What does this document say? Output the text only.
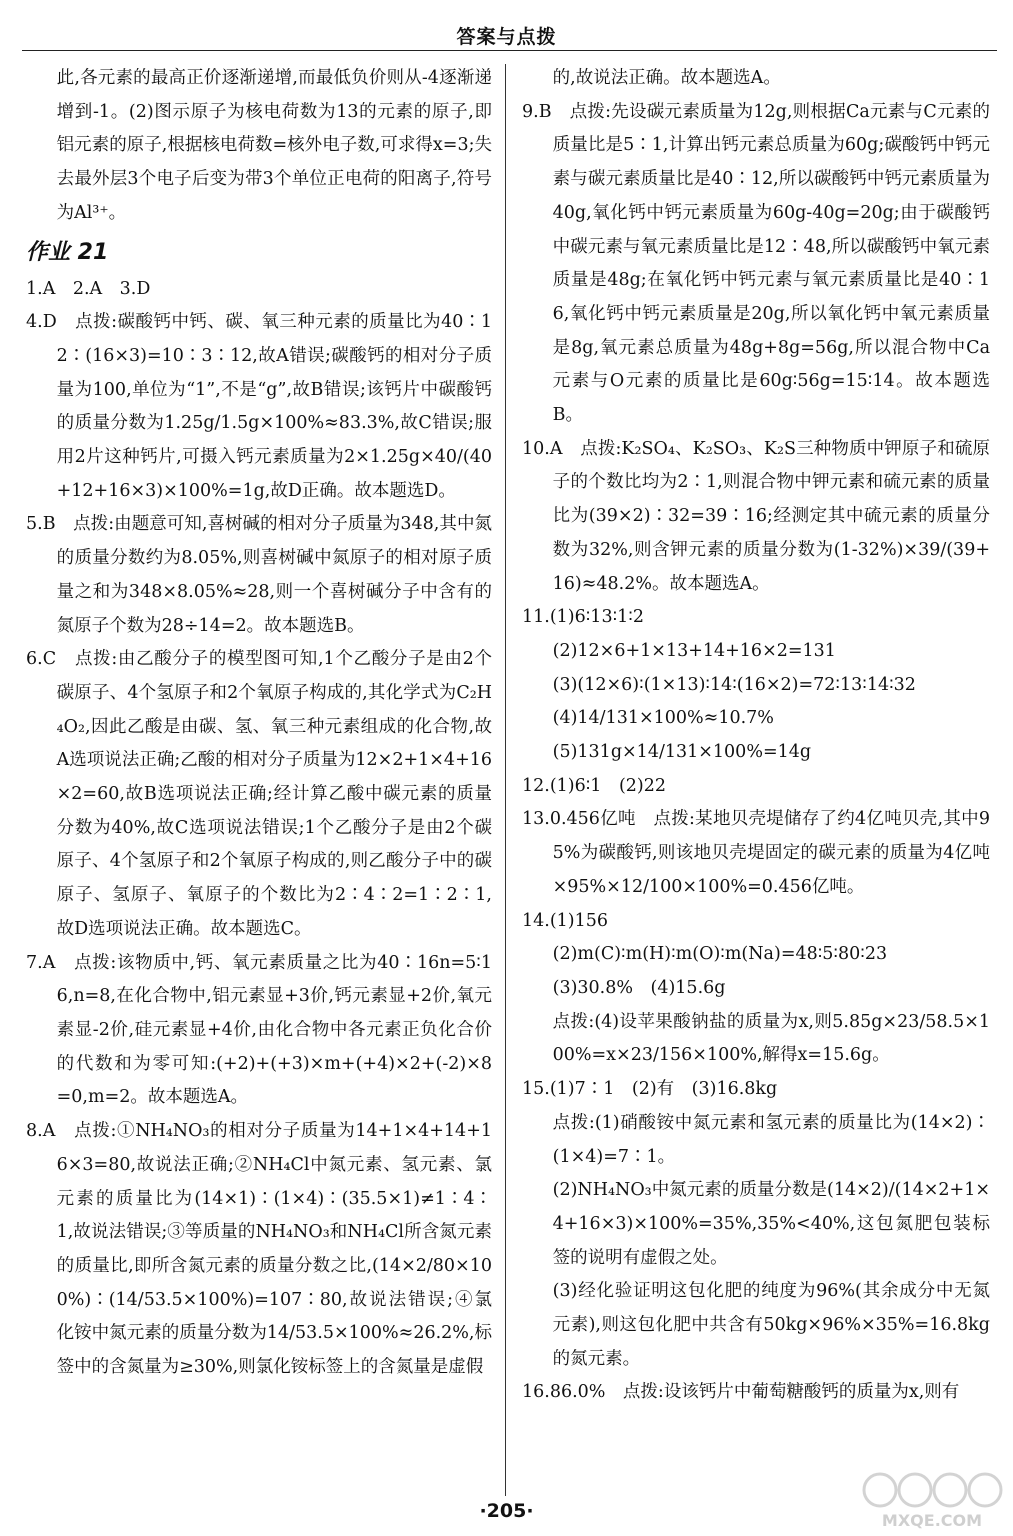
答案与点拨

此,各元素的最高正价逐渐递增,而最低负价则从-4逐渐递增到-1。(2)图示原子为核电荷数为13的元素的原子,即铝元素的原子,根据核电荷数=核外电子数,可求得x=3;失去最外层3个电子后变为带3个单位正电荷的阳离子,符号为Al³⁺。

作业 21

1.A　2.A　3.D

4.D　点拨:碳酸钙中钙、碳、氧三种元素的质量比为40∶12∶(16×3)=10∶3∶12,故A错误;碳酸钙的相对分子质量为100,单位为“1”,不是“g”,故B错误;该钙片中碳酸钙的质量分数为1.25g/1.5g×100%≈83.3%,故C错误;服用2片这种钙片,可摄入钙元素质量为2×1.25g×40/(40+12+16×3)×100%=1g,故D正确。故本题选D。

5.B　点拨:由题意可知,喜树碱的相对分子质量为348,其中氮的质量分数约为8.05%,则喜树碱中氮原子的相对原子质量之和为348×8.05%≈28,则一个喜树碱分子中含有的氮原子个数为28÷14=2。故本题选B。

6.C　点拨:由乙酸分子的模型图可知,1个乙酸分子是由2个碳原子、4个氢原子和2个氧原子构成的,其化学式为C₂H₄O₂,因此乙酸是由碳、氢、氧三种元素组成的化合物,故A选项说法正确;乙酸的相对分子质量为12×2+1×4+16×2=60,故B选项说法正确;经计算乙酸中碳元素的质量分数为40%,故C选项说法错误;1个乙酸分子是由2个碳原子、4个氢原子和2个氧原子构成的,则乙酸分子中的碳原子、氢原子、氧原子的个数比为2∶4∶2=1∶2∶1,故D选项说法正确。故本题选C。

7.A　点拨:该物质中,钙、氧元素质量之比为40∶16n=5∶16,n=8,在化合物中,铝元素显+3价,钙元素显+2价,氧元素显-2价,硅元素显+4价,由化合物中各元素正负化合价的代数和为零可知:(+2)+(+3)×m+(+4)×2+(-2)×8=0,m=2。故本题选A。

8.A　点拨:①NH₄NO₃的相对分子质量为14+1×4+14+16×3=80,故说法正确;②NH₄Cl中氮元素、氢元素、氯元素的质量比为(14×1)∶(1×4)∶(35.5×1)≠1∶4∶1,故说法错误;③等质量的NH₄NO₃和NH₄Cl所含氮元素的质量比,即所含氮元素的质量分数之比,(14×2/80×100%)∶(14/53.5×100%)=107∶80,故说法错误;④氯化铵中氮元素的质量分数为14/53.5×100%≈26.2%,标签中的含氮量为≥30%,则氯化铵标签上的含氮量是虚假

的,故说法正确。故本题选A。

9.B　点拨:先设碳元素质量为12g,则根据Ca元素与C元素的质量比是5∶1,计算出钙元素总质量为60g;碳酸钙中钙元素与碳元素质量比是40∶12,所以碳酸钙中钙元素质量为40g,氧化钙中钙元素质量为60g-40g=20g;由于碳酸钙中碳元素与氧元素质量比是12∶48,所以碳酸钙中氧元素质量是48g;在氧化钙中钙元素与氧元素质量比是40∶16,氧化钙中钙元素质量是20g,所以氧化钙中氧元素质量是8g,氧元素总质量为48g+8g=56g,所以混合物中Ca元素与O元素的质量比是60g∶56g=15∶14。故本题选B。

10.A　点拨:K₂SO₄、K₂SO₃、K₂S三种物质中钾原子和硫原子的个数比均为2∶1,则混合物中钾元素和硫元素的质量比为(39×2)∶32=39∶16;经测定其中硫元素的质量分数为32%,则含钾元素的质量分数为(1-32%)×39/(39+16)≈48.2%。故本题选A。

11.(1)6∶13∶1∶2

(2)12×6+1×13+14+16×2=131

(3)(12×6)∶(1×13)∶14∶(16×2)=72∶13∶14∶32

(4)14/131×100%≈10.7%

(5)131g×14/131×100%=14g

12.(1)6∶1　(2)22

13.0.456亿吨　点拨:某地贝壳堤储存了约4亿吨贝壳,其中95%为碳酸钙,则该地贝壳堤固定的碳元素的质量为4亿吨×95%×12/100×100%=0.456亿吨。

14.(1)156

(2)m(C)∶m(H)∶m(O)∶m(Na)=48∶5∶80∶23

(3)30.8%　(4)15.6g

点拨:(4)设苹果酸钠盐的质量为x,则5.85g×23/58.5×100%=x×23/156×100%,解得x=15.6g。

15.(1)7∶1　(2)有　(3)16.8kg

点拨:(1)硝酸铵中氮元素和氢元素的质量比为(14×2)∶(1×4)=7∶1。

(2)NH₄NO₃中氮元素的质量分数是(14×2)/(14×2+1×4+16×3)×100%=35%,35%<40%,这包氮肥包装标签的说明有虚假之处。

(3)经化验证明这包化肥的纯度为96%(其余成分中无氮元素),则这包化肥中共含有50kg×96%×35%=16.8kg的氮元素。

16.86.0%　点拨:设该钙片中葡萄糖酸钙的质量为x,则有

·205·	MXQE.COM
